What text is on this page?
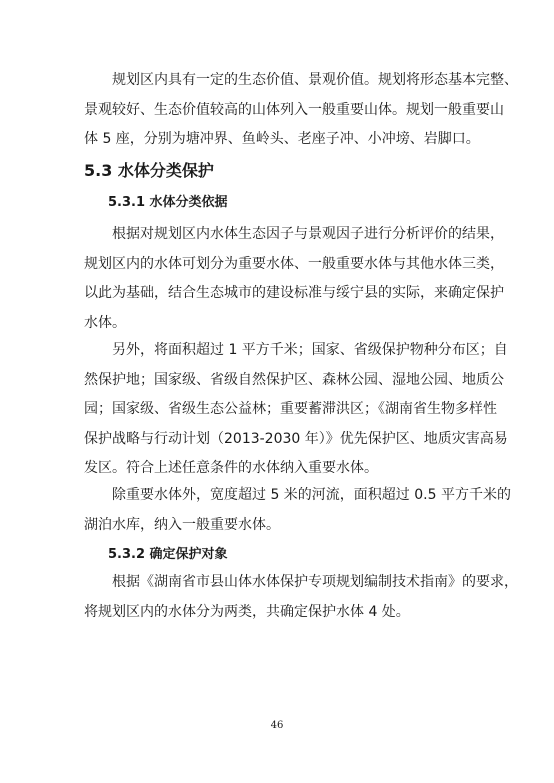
规划区内具有一定的生态价值、景观价值。规划将形态基本完整、
景观较好、生态价值较高的山体列入一般重要山体。规划一般重要山
体 5 座，分别为塘冲界、鱼岭头、老座子冲、小冲塝、岩脚口。

5.3 水体分类保护
5.3.1 水体分类依据

根据对规划区内水体生态因子与景观因子进行分析评价的结果，
规划区内的水体可划分为重要水体、一般重要水体与其他水体三类，
以此为基础，结合生态城市的建设标准与绥宁县的实际，来确定保护
水体。

另外，将面积超过 1 平方千米；国家、省级保护物种分布区；自
然保护地；国家级、省级自然保护区、森林公园、湿地公园、地质公
园；国家级、省级生态公益林；重要蓄滞洪区；《湖南省生物多样性
保护战略与行动计划（2013-2030 年）》优先保护区、地质灾害高易
发区。符合上述任意条件的水体纳入重要水体。

除重要水体外，宽度超过 5 米的河流，面积超过 0.5 平方千米的
湖泊水库，纳入一般重要水体。

5.3.2 确定保护对象

根据《湖南省市县山体水体保护专项规划编制技术指南》的要求，
将规划区内的水体分为两类，共确定保护水体 4 处。

46
